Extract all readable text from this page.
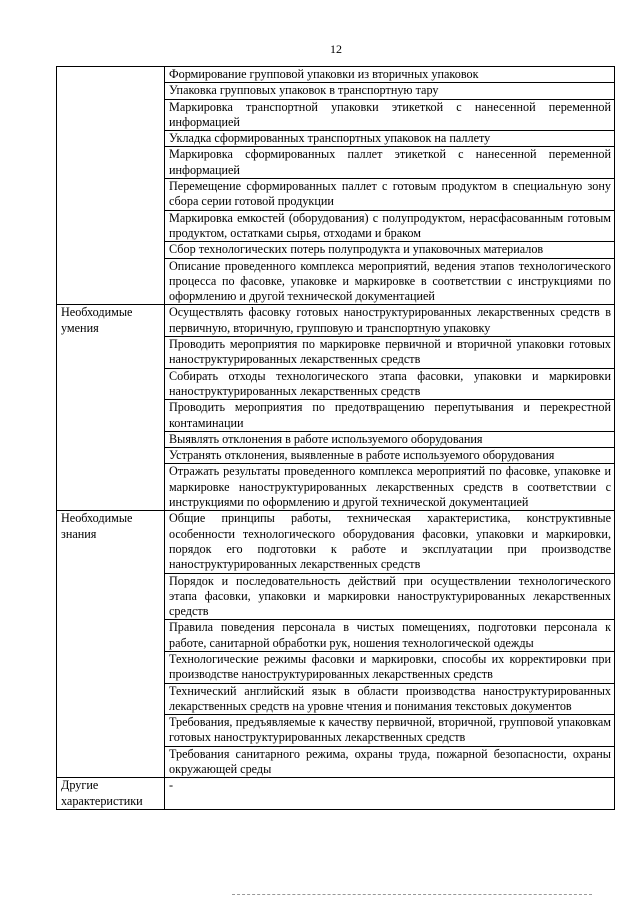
12
	Формирование групповой упаковки из вторичных упаковок
	Упаковка групповых упаковок в транспортную тару
	Маркировка транспортной упаковки этикеткой с нанесенной переменной информацией
	Укладка сформированных транспортных упаковок на паллету
	Маркировка сформированных паллет этикеткой с нанесенной переменной информацией
	Перемещение сформированных паллет с готовым продуктом в специальную зону сбора серии готовой продукции
	Маркировка емкостей (оборудования) с полупродуктом, нерасфасованным готовым продуктом, остатками сырья, отходами и браком
	Сбор технологических потерь полупродукта и упаковочных материалов
	Описание проведенного комплекса мероприятий, ведения этапов технологического процесса по фасовке, упаковке и маркировке в соответствии с инструкциями по оформлению и другой технической документацией
Необходимые умения	Осуществлять фасовку готовых наноструктурированных лекарственных средств в первичную, вторичную, групповую и транспортную упаковку
	Проводить мероприятия по маркировке первичной и вторичной упаковки готовых наноструктурированных лекарственных средств
	Собирать отходы технологического этапа фасовки, упаковки и маркировки наноструктурированных лекарственных средств
	Проводить мероприятия по предотвращению перепутывания и перекрестной контаминации
	Выявлять отклонения в работе используемого оборудования
	Устранять отклонения, выявленные в работе используемого оборудования
	Отражать результаты проведенного комплекса мероприятий по фасовке, упаковке и маркировке наноструктурированных лекарственных средств в соответствии с инструкциями по оформлению и другой технической документацией
Необходимые знания	Общие принципы работы, техническая характеристика, конструктивные особенности технологического оборудования фасовки, упаковки и маркировки, порядок его подготовки к работе и эксплуатации при производстве наноструктурированных лекарственных средств
	Порядок и последовательность действий при осуществлении технологического этапа фасовки, упаковки и маркировки наноструктурированных лекарственных средств
	Правила поведения персонала в чистых помещениях, подготовки персонала к работе, санитарной обработки рук, ношения технологической одежды
	Технологические режимы фасовки и маркировки, способы их корректировки при производстве наноструктурированных лекарственных средств
	Технический английский язык в области производства наноструктурированных лекарственных средств на уровне чтения и понимания текстовых документов
	Требования, предъявляемые к качеству первичной, вторичной, групповой упаковкам готовых наноструктурированных лекарственных средств
	Требования санитарного режима, охраны труда, пожарной безопасности, охраны окружающей среды
Другие характеристики	-
